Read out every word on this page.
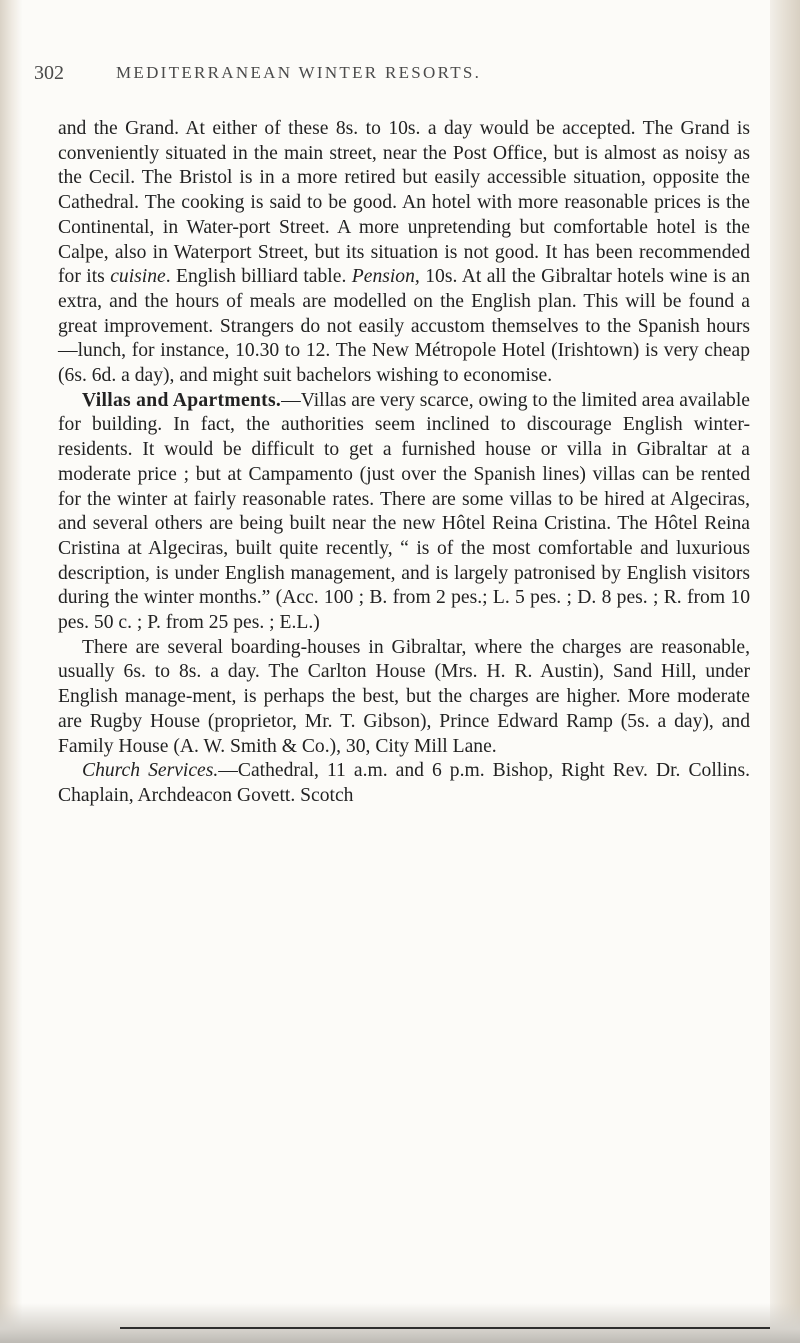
302	MEDITERRANEAN WINTER RESORTS.

and the Grand. At either of these 8s. to 10s. a day would be accepted. The Grand is conveniently situated in the main street, near the Post Office, but is almost as noisy as the Cecil. The Bristol is in a more retired but easily accessible situation, opposite the Cathedral. The cooking is said to be good. An hotel with more reasonable prices is the Continental, in Water-port Street. A more unpretending but comfortable hotel is the Calpe, also in Waterport Street, but its situation is not good. It has been recommended for its cuisine. English billiard table. Pension, 10s. At all the Gibraltar hotels wine is an extra, and the hours of meals are modelled on the English plan. This will be found a great improvement. Strangers do not easily accustom themselves to the Spanish hours—lunch, for instance, 10.30 to 12. The New Métropole Hotel (Irishtown) is very cheap (6s. 6d. a day), and might suit bachelors wishing to economise.

Villas and Apartments.—Villas are very scarce, owing to the limited area available for building. In fact, the authorities seem inclined to discourage English winter-residents. It would be difficult to get a furnished house or villa in Gibraltar at a moderate price ; but at Campamento (just over the Spanish lines) villas can be rented for the winter at fairly reasonable rates. There are some villas to be hired at Algeciras, and several others are being built near the new Hôtel Reina Cristina. The Hôtel Reina Cristina at Algeciras, built quite recently, “ is of the most comfortable and luxurious description, is under English management, and is largely patronised by English visitors during the winter months.” (Acc. 100 ; B. from 2 pes.; L. 5 pes. ; D. 8 pes. ; R. from 10 pes. 50 c. ; P. from 25 pes. ; E.L.)

There are several boarding-houses in Gibraltar, where the charges are reasonable, usually 6s. to 8s. a day. The Carlton House (Mrs. H. R. Austin), Sand Hill, under English manage-ment, is perhaps the best, but the charges are higher. More moderate are Rugby House (proprietor, Mr. T. Gibson), Prince Edward Ramp (5s. a day), and Family House (A. W. Smith & Co.), 30, City Mill Lane.

Church Services.—Cathedral, 11 a.m. and 6 p.m. Bishop, Right Rev. Dr. Collins. Chaplain, Archdeacon Govett. Scotch
